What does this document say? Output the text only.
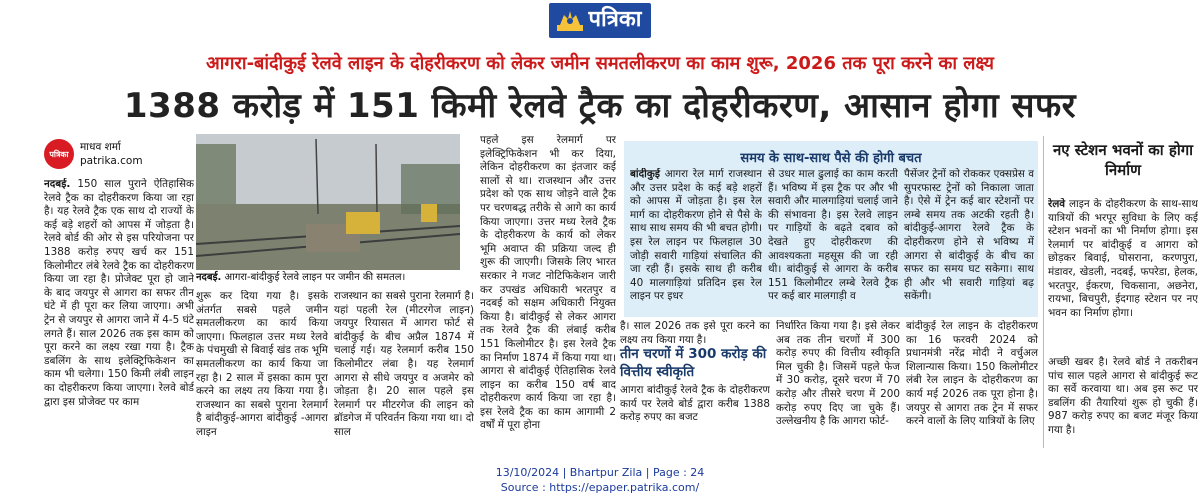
पत्रिका
आगरा-बांदीकुई रेलवे लाइन के दोहरीकरण को लेकर जमीन समतलीकरण का काम शुरू, 2026 तक पूरा करने का लक्ष्य
1388 करोड़ में 151 किमी रेलवे ट्रैक का दोहरीकरण, आसान होगा सफर
पत्रिका
माधव शर्मा
patrika.com

नदबई. 150 साल पुराने ऐतिहासिक रेलवे ट्रैक का दोहरीकरण किया जा रहा है। यह रेलवे ट्रैक एक साथ दो राज्यों के कई बड़े शहरों को आपस में जोड़ता है। रेलवे बोर्ड की ओर से इस परियोजना पर 1388 करोड़ रुपए खर्च कर 151 किलोमीटर लंबे रेलवे ट्रैक का दोहरीकरण किया जा रहा है। प्रोजेक्ट पूरा हो जाने के बाद जयपुर से आगरा का सफर तीन घंटे में ही पूरा कर लिया जाएगा। अभी ट्रेन से जयपुर से आगरा जाने में 4-5 घंटे लगते हैं। साल 2026 तक इस काम को पूरा करने का लक्ष्य रखा गया है। ट्रैक डबलिंग के साथ इलेक्ट्रिफिकेशन का काम भी चलेगा। 150 किमी लंबी लाइन का दोहरीकरण किया जाएगा। रेलवे बोर्ड द्वारा इस प्रोजेक्ट पर काम

नदबई. आगरा-बांदीकुई रेलवे लाइन पर जमीन की समतल।

शुरू कर दिया गया है। इसके अंतर्गत सबसे पहले जमीन समतलीकरण का कार्य किया जाएगा। फिलहाल उत्तर मध्य रेलवे के पंचमुखी से बिवाई खंड तक भूमि समतलीकरण का कार्य किया जा रहा है। 2 साल में इसका काम पूरा करने का लक्ष्य तय किया गया है। राजस्थान का सबसे पुराना रेलमार्ग है बांदीकुई-आगरा बांदीकुई -आगरा लाइन

राजस्थान का सबसे पुराना रेलमार्ग है। यहां पहली रेल (मीटरगेज लाइन) जयपुर रियासत में आगरा फोर्ट से बांदीकुई के बीच अप्रैल 1874 में चलाई गई। यह रेलमार्ग करीब 150 किलोमीटर लंबा है। यह रेलमार्ग आगरा से सीधे जयपुर व अजमेर को जोड़ता है। 20 साल पहले इस रेलमार्ग पर मीटरगेज की लाइन को ब्रॉडगेज में परिवर्तन किया गया था। दो साल

पहले इस रेलमार्ग पर इलेक्ट्रिफिकेशन भी कर दिया, लेकिन दोहरीकरण का इंतजार कई सालों से था। राजस्थान और उत्तर प्रदेश को एक साथ जोड़ने वाले ट्रैक पर चरणबद्ध तरीके से आगे का कार्य किया जाएगा। उत्तर मध्य रेलवे ट्रैक के दोहरीकरण के कार्य को लेकर भूमि अवाप्त की प्रक्रिया जल्द ही शुरू की जाएगी। जिसके लिए भारत सरकार ने गजट नोटिफिकेशन जारी कर उपखंड अधिकारी भरतपुर व नदबई को सक्षम अधिकारी नियुक्त किया है। बांदीकुई से लेकर आगरा तक रेलवे ट्रैक की लंबाई करीब 151 किलोमीटर है। इस रेलवे ट्रैक का निर्माण 1874 में किया गया था। आगरा से बांदीकुई ऐतिहासिक रेलवे लाइन का करीब 150 वर्ष बाद दोहरीकरण कार्य किया जा रहा है। इस रेलवे ट्रैक का काम आगामी 2 वर्षों में पूरा होना

समय के साथ-साथ पैसे की होगी बचत

बांदीकुई आगरा रेल मार्ग राजस्थान और उत्तर प्रदेश के कई बड़े शहरों को आपस में जोड़ता है। इस रेल मार्ग का दोहरीकरण होने से पैसे के साथ साथ समय की भी बचत होगी। इस रेल लाइन पर फिलहाल 30 जोड़ी सवारी गाड़ियां संचालित की जा रही हैं। इसके साथ ही करीब 40 मालगाड़ियां प्रतिदिन इस रेल लाइन पर इधर

से उधर माल ढुलाई का काम करती हैं। भविष्य में इस ट्रैक पर और भी सवारी और मालगाड़ियां चलाई जाने की संभावना है। इस रेलवे लाइन पर गाड़ियों के बढ़ते दबाव को देखते हुए दोहरीकरण की आवश्यकता महसूस की जा रही थी। बांदीकुई से आगरा के करीब 151 किलोमीटर लम्बे रेलवे ट्रैक पर कई बार मालगाड़ी व

पैसेंजर ट्रेनों को रोककर एक्सप्रेस व सुपरफास्ट ट्रेनों को निकाला जाता है। ऐसे में ट्रेन कई बार स्टेशनों पर लम्बे समय तक अटकी रहती है। बांदीकुई-आगरा रेलवे ट्रैक के दोहरीकरण होने से भविष्य में आगरा से बांदीकुई के बीच का सफर का समय घट सकेगा। साथ ही और भी सवारी गाड़ियां बढ़ सकेंगी।

है। साल 2026 तक इसे पूरा करने का लक्ष्य तय किया गया है।

तीन चरणों में 300 करोड़ की वित्तीय स्वीकृति

आगरा बांदीकुई रेलवे ट्रैक के दोहरीकरण कार्य पर रेलवे बोर्ड द्वारा करीब 1388 करोड़ रुपए का बजट

निर्धारित किया गया है। इसे लेकर अब तक तीन चरणों में 300 करोड़ रुपए की वित्तीय स्वीकृति मिल चुकी है। जिसमें पहले फेज में 30 करोड़, दूसरे चरण में 70 करोड़ और तीसरे चरण में 200 करोड़ रुपए दिए जा चुके हैं। उल्लेखनीय है कि आगरा फोर्ट-

बांदीकुई रेल लाइन के दोहरीकरण का 16 फरवरी 2024 को प्रधानमंत्री नरेंद्र मोदी ने वर्चुअल शिलान्यास किया। 150 किलोमीटर लंबी रेल लाइन के दोहरीकरण का कार्य मई 2026 तक पूरा होना है। जयपुर से आगरा तक ट्रेन में सफर करने वालों के लिए यात्रियों के लिए

नए स्टेशन भवनों का होगा निर्माण

रेलवे लाइन के दोहरीकरण के साथ-साथ यात्रियों की भरपूर सुविधा के लिए कई स्टेशन भवनों का भी निर्माण होगा। इस रेलमार्ग पर बांदीकुई व आगरा को छोड़कर बिवाई, घोसराना, करणपुरा, मंडावर, खेडली, नदबई, फपरेडा, हेलक, भरतपुर, ईकरण, चिकसाना, अछनेरा, रायभा, बिचपुरी, ईदगाह स्टेशन पर नए भवन का निर्माण होगा।

अच्छी खबर है। रेलवे बोर्ड ने तकरीबन पांच साल पहले आगरा से बांदीकुई रूट का सर्वे करवाया था। अब इस रूट पर डबलिंग की तैयारियां शुरू हो चुकी हैं। 987 करोड़ रुपए का बजट मंजूर किया गया है।

13/10/2024 | Bhartpur Zila | Page : 24
Source : https://epaper.patrika.com/
